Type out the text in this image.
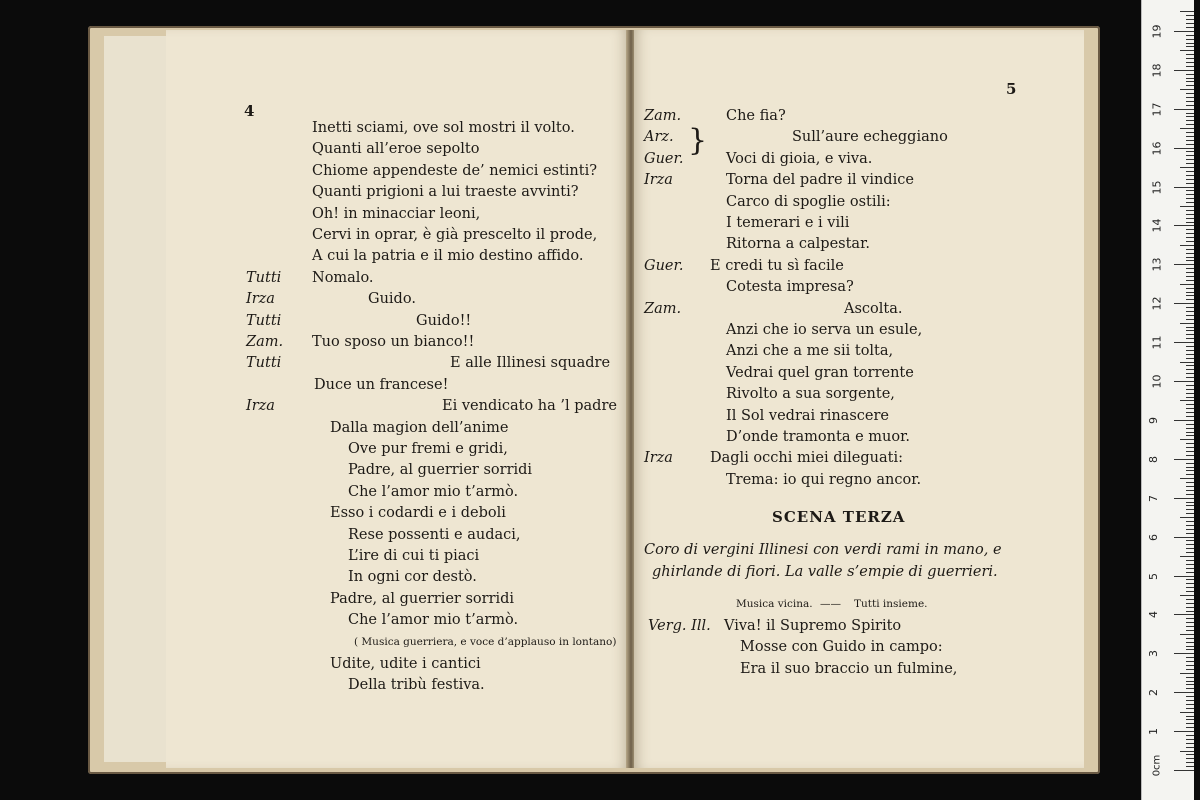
4
Inetti sciami, ove sol mostri il volto.
Quanti all’eroe sepolto
Chiome appendeste de’ nemici estinti?
Quanti prigioni a lui traeste avvinti?
Oh! in minacciar leoni,
Cervi in oprar, è già prescelto il prode,
A cui la patria e il mio destino affido.
Tutti Nomalo.
Irza	Guido.
Tutti	Guido!!
Zam. Tuo sposo un bianco!!
Tutti	E alle Illinesi squadre
Duce un francese!
Irza	Ei vendicato ha ’l padre
Dalla magion dell’anime
Ove pur fremi e gridi,
Padre, al guerrier sorridi
Che l’amor mio t’armò.
Esso i codardi e i deboli
Rese possenti e audaci,
L’ire di cui ti piaci
In ogni cor destò.
Padre, al guerrier sorridi
Che l’amor mio t’armò.
( Musica guerriera, e voce d’applauso in lontano)
Udite, udite i cantici
Della tribù festiva.
5
}
Zam.	Che fia?
Arz.	Sull’aure echeggiano
Guer.	Voci di gioia, e viva.
Irza	Torna del padre il vindice
Carco di spoglie ostili:
I temerari e i vili
Ritorna a calpestar.
Guer. E credi tu sì facile
Cotesta impresa?
Zam.	Ascolta.
Anzi che io serva un esule,
Anzi che a me sii tolta,
Vedrai quel gran torrente
Rivolto a sua sorgente,
Il Sol vedrai rinascere
D’onde tramonta e muor.
Irza	Dagli occhi miei dileguati:
Trema: io qui regno ancor.
SCENA TERZA
Coro di vergini Illinesi con verdi rami in mano, e
ghirlande di fiori. La valle s’empie di guerrieri.
Musica vicina. —— Tutti insieme.
Verg. Ill. Viva! il Supremo Spirito
Mosse con Guido in campo:
Era il suo braccio un fulmine,
1
2
3
4
5
6
7
8
9
10
11
12
13
14
15
16
17
18
19
0cm
